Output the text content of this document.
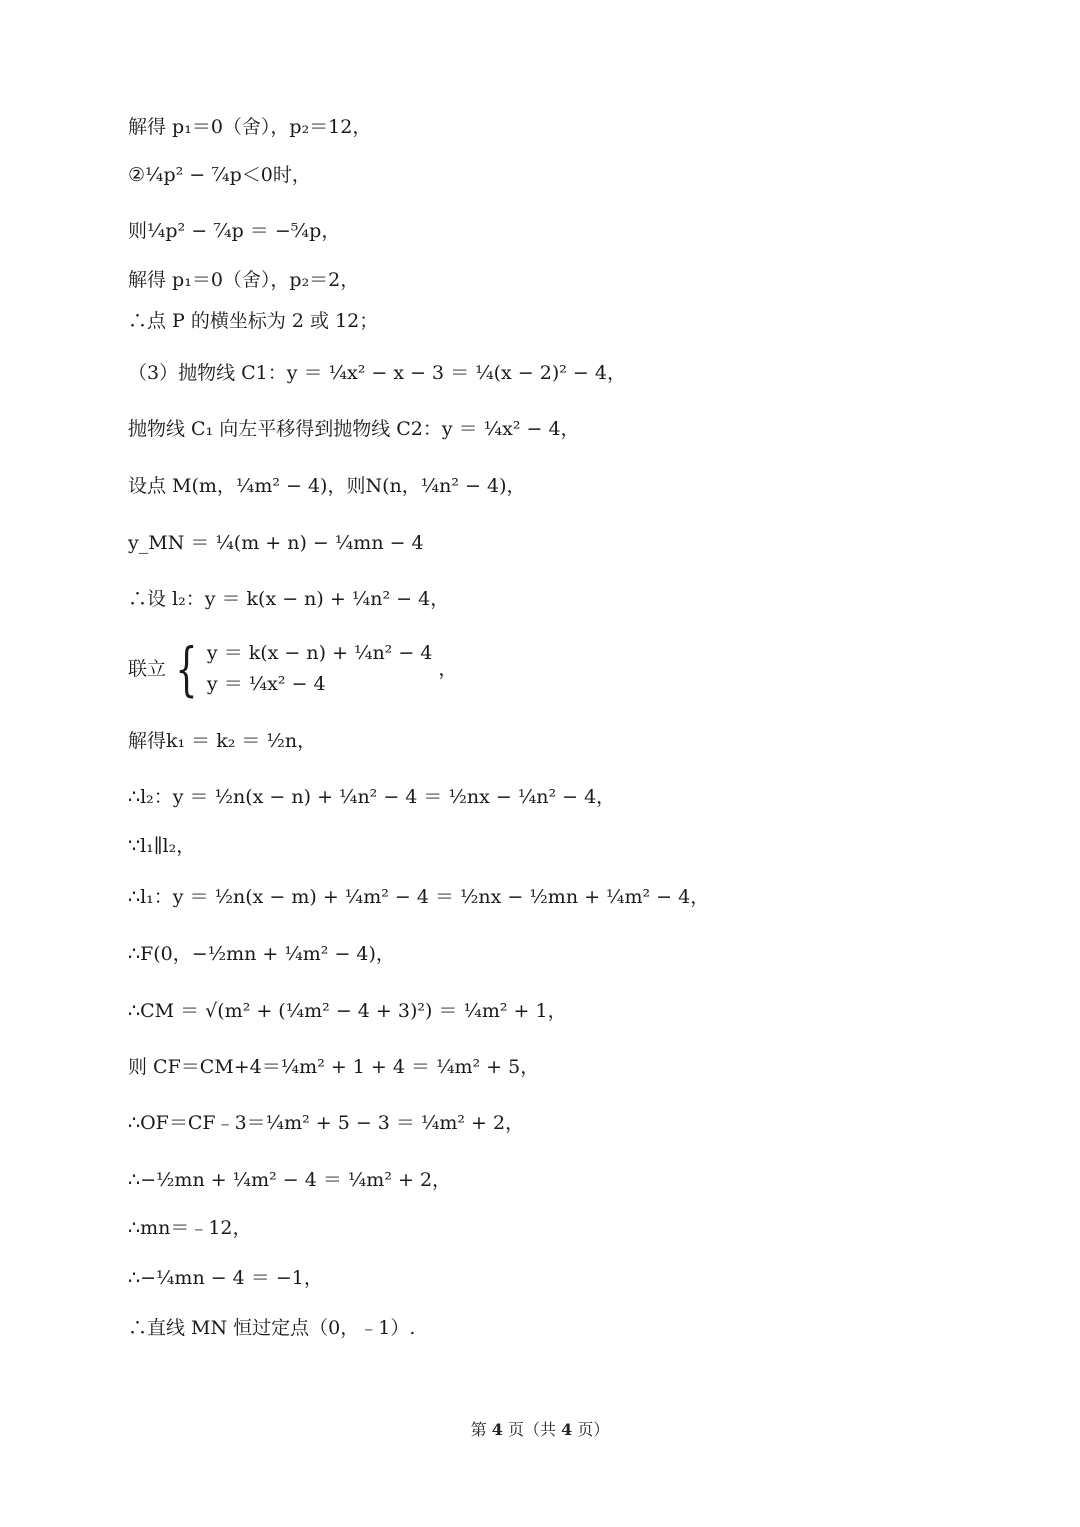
解得 p₁＝0（舍），p₂＝12，
②¼p² − ⁷⁄₄p＜0时，
则¼p² − ⁷⁄₄p ＝ −⁵⁄₄p，
解得 p₁＝0（舍），p₂＝2，
∴点 P 的横坐标为 2 或 12；
（3）抛物线 C1：y ＝ ¼x² − x − 3 ＝ ¼(x − 2)² − 4，
抛物线 C₁ 向左平移得到抛物线 C2：y ＝ ¼x² − 4，
设点 M(m，¼m² − 4)，则N(n，¼n² − 4)，
y_MN ＝ ¼(m + n) − ¼mn − 4
∴设 l₂：y ＝ k(x − n) + ¼n² − 4，
解得k₁ ＝ k₂ ＝ ½n，
∴l₂：y ＝ ½n(x − n) + ¼n² − 4 ＝ ½nx − ¼n² − 4，
∵l₁∥l₂，
∴l₁：y ＝ ½n(x − m) + ¼m² − 4 ＝ ½nx − ½mn + ¼m² − 4，
∴F(0，−½mn + ¼m² − 4)，
∴CM ＝ √(m² + (¼m² − 4 + 3)²) ＝ ¼m² + 1，
则 CF＝CM+4＝¼m² + 1 + 4 ＝ ¼m² + 5，
∴OF＝CF﹣3＝¼m² + 5 − 3 ＝ ¼m² + 2，
∴−½mn + ¼m² − 4 ＝ ¼m² + 2，
∴mn＝﹣12，
∴−¼mn − 4 ＝ −1，
∴直线 MN 恒过定点（0，﹣1）.
联立 { y ＝ k(x − n) + ¼n² − 4
y ＝ ¼x² − 4
，
第 4 页（共 4 页）
